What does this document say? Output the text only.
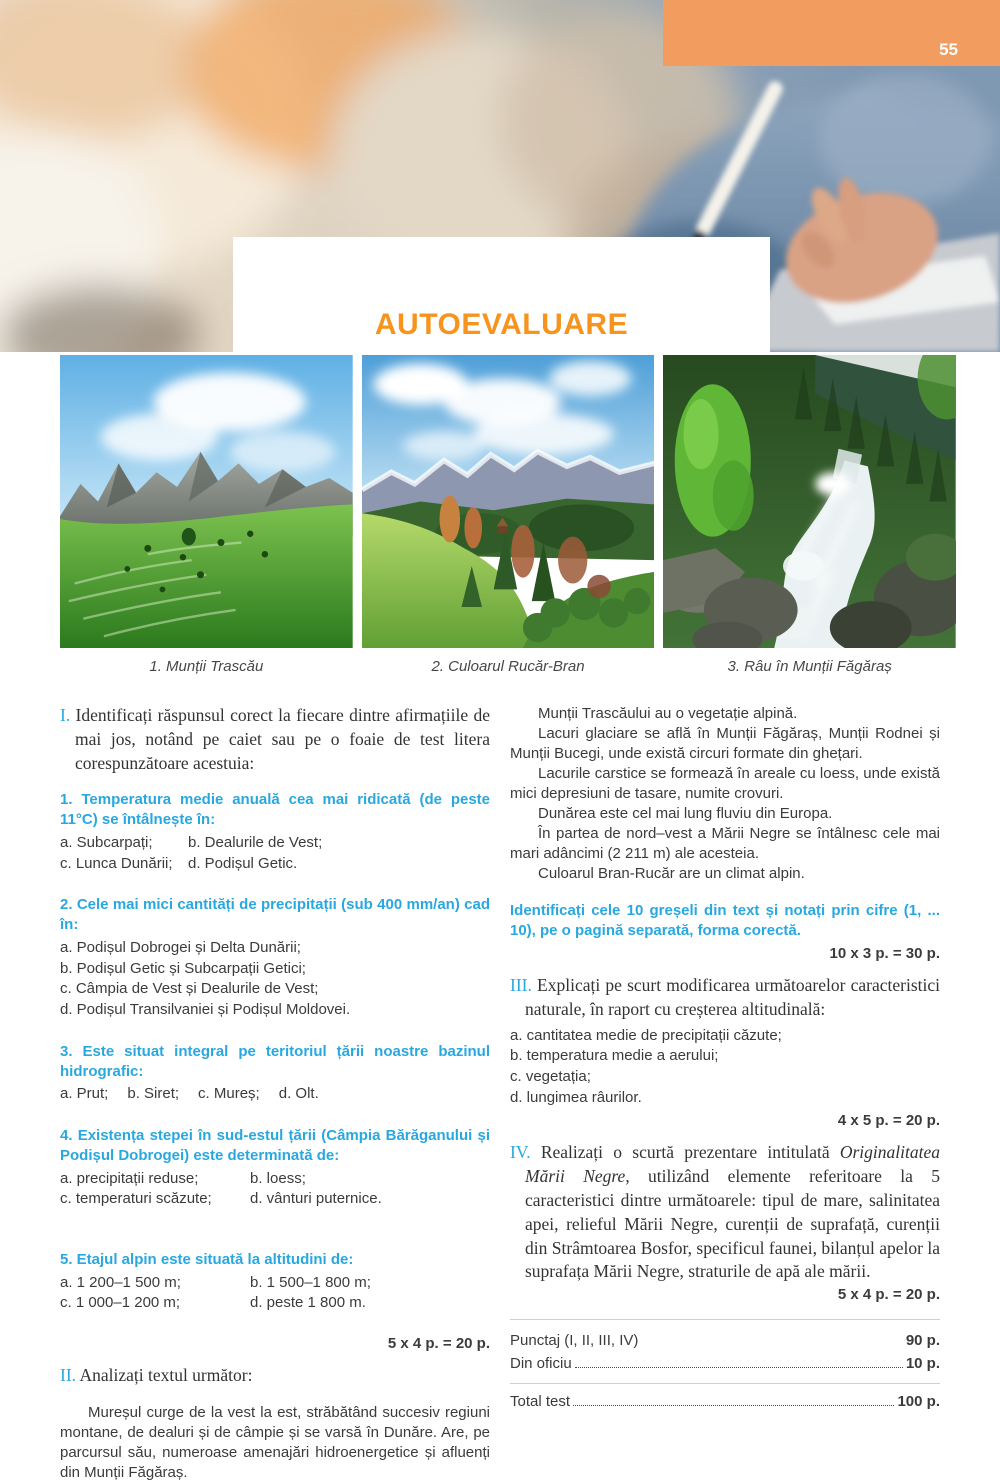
55
AUTOEVALUARE
1. Munții Trascău	2. Culoarul Rucăr-Bran	3. Râu în Munții Făgăraș

I. Identificați răspunsul corect la fiecare dintre afirmațiile de mai jos, notând pe caiet sau pe o foaie de test litera corespunzătoare acestuia:

1. Temperatura medie anuală cea mai ridicată (de peste 11°C) se întâlnește în:

a. Subcarpați;	b. Dealurile de Vest;
c. Lunca Dunării;	d. Podișul Getic.

2. Cele mai mici cantități de precipitații (sub 400 mm/an) cad în:

a. Podișul Dobrogei și Delta Dunării;
b. Podișul Getic și Subcarpații Getici;
c. Câmpia de Vest și Dealurile de Vest;
d. Podișul Transilvaniei și Podișul Moldovei.

3. Este situat integral pe teritoriul țării noastre bazinul hidrografic:

a. Prut; b. Siret; c. Mureș; d. Olt.

4. Existența stepei în sud-estul țării (Câmpia Bărăganului și Podișul Dobrogei) este determinată de:

a. precipitații reduse;	b. loess;
c. temperaturi scăzute;	d. vânturi puternice.

5. Etajul alpin este situată la altitudini de:

a. 1 200–1 500 m;	b. 1 500–1 800 m;
c. 1 000–1 200 m;	d. peste 1 800 m.
5 x 4 p. = 20 p.

II. Analizați textul următor:

Mureșul curge de la vest la est, străbătând succesiv regiuni montane, de dealuri și de câmpie și se varsă în Dunăre. Are, pe parcursul său, numeroase amenajări hidroenergetice și afluenți din Munții Făgăraș.

Munții Trascăului au o vegetație alpină.

Lacuri glaciare se află în Munții Făgăraș, Munții Rodnei și Munții Bucegi, unde există circuri formate din ghețari.

Lacurile carstice se formează în areale cu loess, unde există mici depresiuni de tasare, numite crovuri.

Dunărea este cel mai lung fluviu din Europa.

În partea de nord–vest a Mării Negre se întâlnesc cele mai mari adâncimi (2 211 m) ale acesteia.

Culoarul Bran-Rucăr are un climat alpin.

Identificați cele 10 greșeli din text și notați prin cifre (1, ... 10), pe o pagină separată, forma corectă.

10 x 3 p. = 30 p.

III. Explicați pe scurt modificarea următoarelor caracteristici naturale, în raport cu creșterea altitudinală:

a. cantitatea medie de precipitații căzute;
b. temperatura medie a aerului;
c. vegetația;
d. lungimea râurilor.
4 x 5 p. = 20 p.

IV. Realizați o scurtă prezentare intitulată Originalitatea Mării Negre, utilizând elemente referitoare la 5 caracteristici dintre următoarele: tipul de mare, salinitatea apei, relieful Mării Negre, curenții de suprafață, curenții din Strâmtoarea Bosfor, specificul faunei, bilanțul apelor la suprafața Mării Negre, straturile de apă ale mării.

5 x 4 p. = 20 p.
Punctaj (I, II, III, IV)	90 p.
Din oficiu	10 p.
Total test	100 p.
